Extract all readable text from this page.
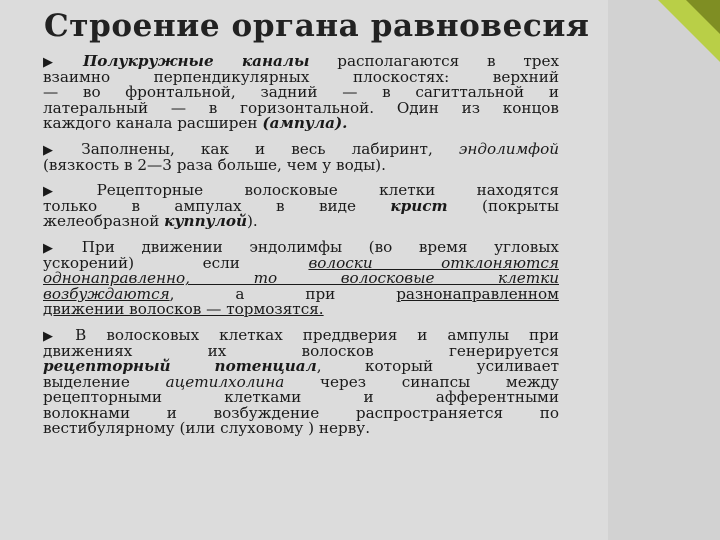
Строение органа равновесия
▶ Полукружные каналы располагаются в трех
взаимно перпендикулярных плоскостях: верхний
— во фронтальной, задний — в сагиттальной и
латеральный — в горизонтальной. Один из концов
каждого канала расширен (ампула).
▶ Заполнены, как и весь лабиринт, эндолимфой
(вязкость в 2—3 раза больше, чем у воды).
▶ Рецепторные волосковые клетки находятся
только в ампулах в виде крист (покрыты
желеобразной куппулой).
▶ При движении эндолимфы (во время угловых
ускорений) если волоски отклоняются
однонаправленно, то волосковые клетки
возбуждаются, а при разнонаправленном
движении волосков — тормозятся.
▶ В волосковых клетках преддверия и ампулы при
движениях их волосков генерируется
рецепторный потенциал, который усиливает
выделение ацетилхолина через синапсы между
рецепторными клетками и афферентными
волокнами и возбуждение распространяется по
вестибулярному (или слуховому ) нерву.
